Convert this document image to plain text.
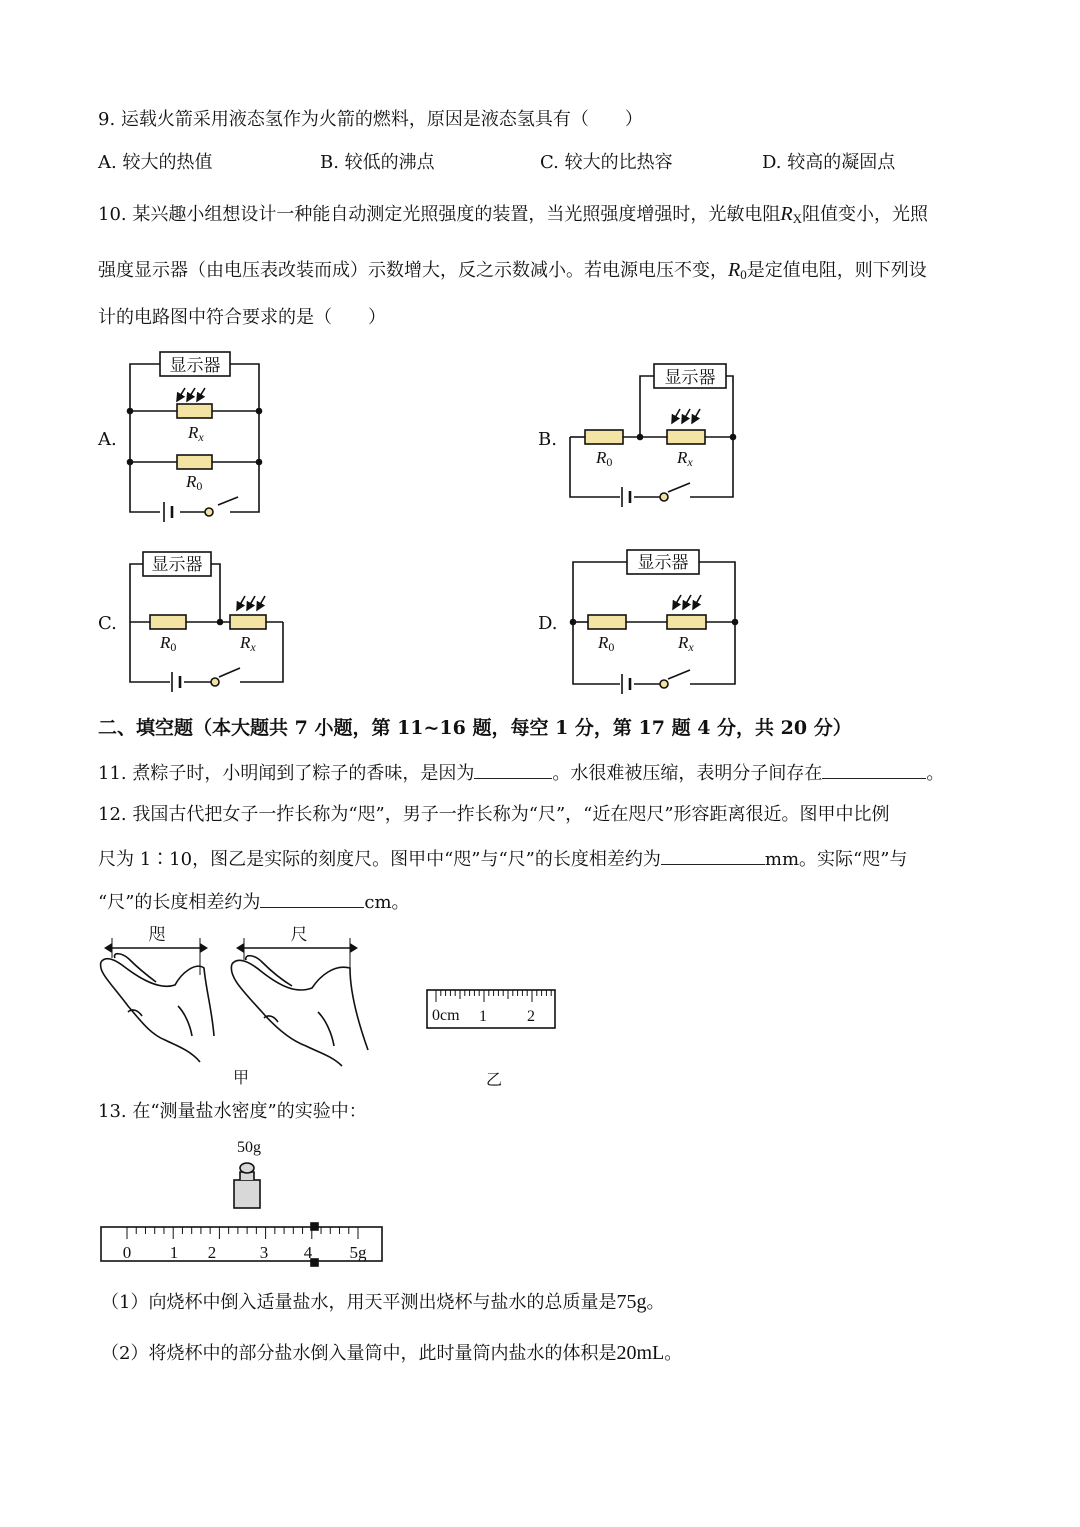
9. 运载火箭采用液态氢作为火箭的燃料，原因是液态氢具有（　　）
A. 较大的热值	B. 较低的沸点	C. 较大的比热容	D. 较高的凝固点
10. 某兴趣小组想设计一种能自动测定光照强度的装置，当光照强度增强时，光敏电阻$R_X$阻值变小，光照
强度显示器（由电压表改装而成）示数增大，反之示数减小。若电源电压不变，$R_0$是定值电阻，则下列设
计的电路图中符合要求的是（　　）
A.	B.
C.	D.
显示器
Rx
R0
显示器
R0	Rx
显示器
R0	Rx
显示器
R0	Rx
咫	尺
甲	乙
0cm 1	2
50g
0 1 2	3 4 5g
二、填空题（本大题共 7 小题，第 11~16 题，每空 1 分，第 17 题 4 分，共 20 分）
11. 煮粽子时，小明闻到了粽子的香味，是因为	。水很难被压缩，表明分子间存在	。
12. 我国古代把女子一拃长称为“咫”，男子一拃长称为“尺”，“近在咫尺”形容距离很近。图甲中比例
尺为 1∶10，图乙是实际的刻度尺。图甲中“咫”与“尺”的长度相差约为	mm。实际“咫”与
“尺”的长度相差约为	cm。
13. 在“测量盐水密度”的实验中：
（1）向烧杯中倒入适量盐水，用天平测出烧杯与盐水的总质量是75g。
（2）将烧杯中的部分盐水倒入量筒中，此时量筒内盐水的体积是20mL。
